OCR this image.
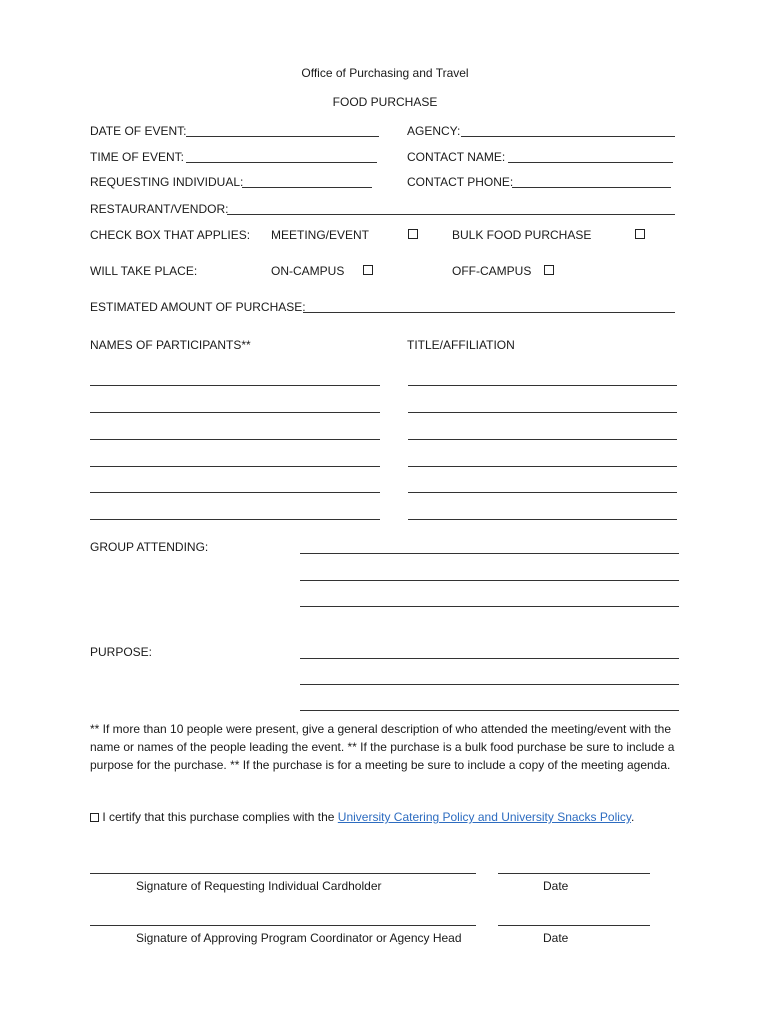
Office of Purchasing and Travel
FOOD PURCHASE
DATE OF EVENT:	AGENCY:
TIME OF EVENT:	CONTACT NAME:
REQUESTING INDIVIDUAL:	CONTACT PHONE:
RESTAURANT/VENDOR:
CHECK BOX THAT APPLIES: MEETING/EVENT	BULK FOOD PURCHASE
WILL TAKE PLACE:	ON-CAMPUS	OFF-CAMPUS
ESTIMATED AMOUNT OF PURCHASE:
NAMES OF PARTICIPANTS**	TITLE/AFFILIATION
GROUP ATTENDING:
PURPOSE:
** If more than 10 people were present, give a general description of who attended the meeting/event with the name or names of the people leading the event. ** If the purchase is a bulk food purchase be sure to include a purpose for the purchase. ** If the purchase is for a meeting be sure to include a copy of the meeting agenda.
I certify that this purchase complies with the University Catering Policy and University Snacks Policy.
Signature of Requesting Individual Cardholder	Date
Signature of Approving Program Coordinator or Agency Head	Date
